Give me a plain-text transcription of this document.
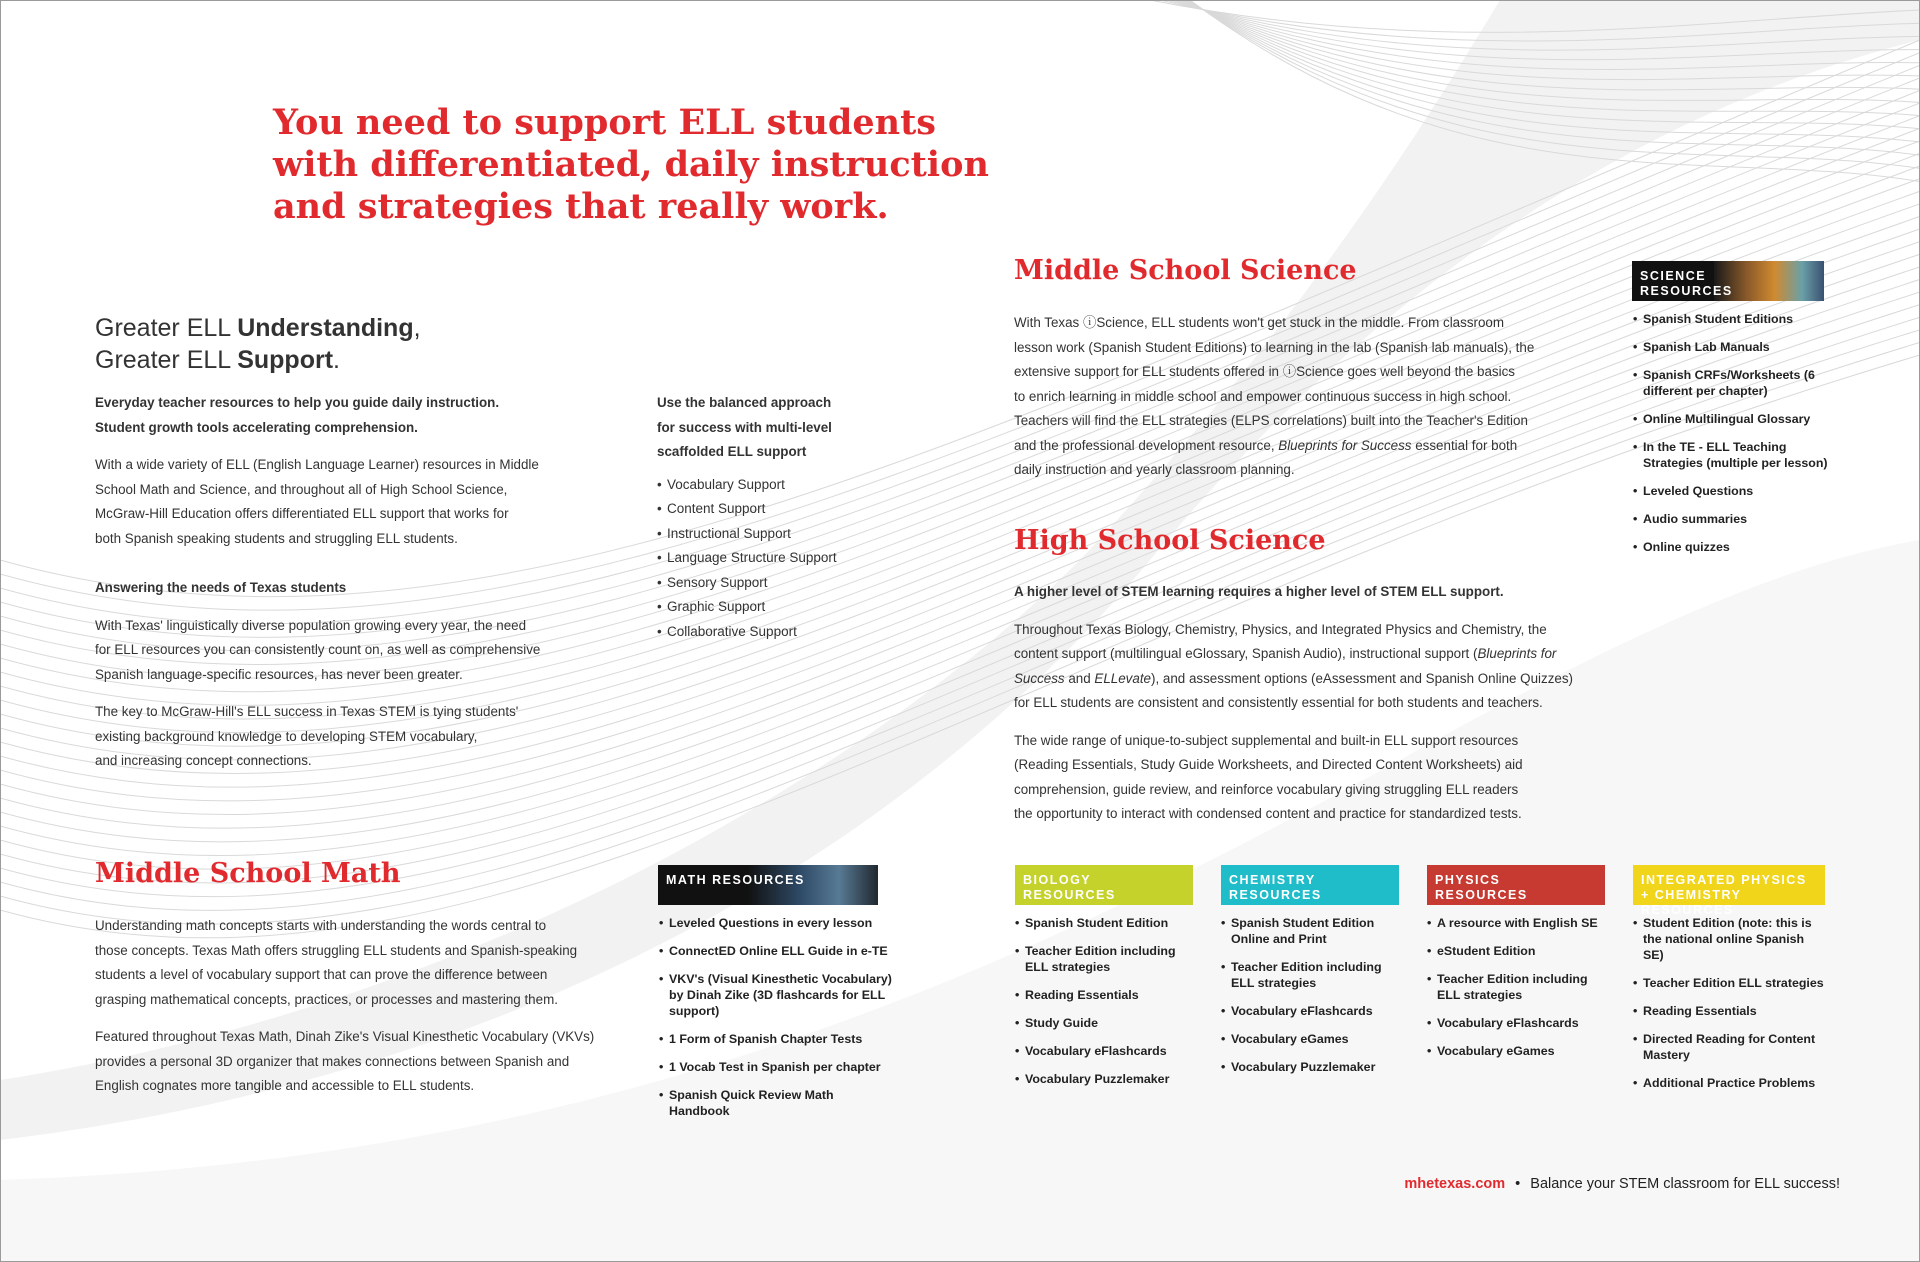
You need to support ELL students
with differentiated, daily instruction
and strategies that really work.
Greater ELL Understanding,
Greater ELL Support.

Everyday teacher resources to help you guide daily instruction.

Student growth tools accelerating comprehension.

With a wide variety of ELL (English Language Learner) resources in Middle

School Math and Science, and throughout all of High School Science,

McGraw-Hill Education offers differentiated ELL support that works for

both Spanish speaking students and struggling ELL students.

Answering the needs of Texas students

With Texas' linguistically diverse population growing every year, the need

for ELL resources you can consistently count on, as well as comprehensive

Spanish language-specific resources, has never been greater.

The key to McGraw-Hill's ELL success in Texas STEM is tying students'

existing background knowledge to developing STEM vocabulary,

and increasing concept connections.

Use the balanced approach

for success with multi-level

scaffolded ELL support

• Vocabulary Support
• Content Support
• Instructional Support
• Language Structure Support
• Sensory Support
• Graphic Support
• Collaborative Support
Middle School Math

Understanding math concepts starts with understanding the words central to

those concepts. Texas Math offers struggling ELL students and Spanish-speaking

students a level of vocabulary support that can prove the difference between

grasping mathematical concepts, practices, or processes and mastering them.

Featured throughout Texas Math, Dinah Zike's Visual Kinesthetic Vocabulary (VKVs)

provides a personal 3D organizer that makes connections between Spanish and

English cognates more tangible and accessible to ELL students.

MATH RESOURCES
• Leveled Questions in every lesson
• ConnectED Online ELL Guide in e-TE
• VKV's (Visual Kinesthetic Vocabulary) by Dinah Zike (3D flashcards for ELL support)
• 1 Form of Spanish Chapter Tests
• 1 Vocab Test in Spanish per chapter
• Spanish Quick Review Math Handbook
Middle School Science

With Texas ⓘScience, ELL students won't get stuck in the middle. From classroom

lesson work (Spanish Student Editions) to learning in the lab (Spanish lab manuals), the

extensive support for ELL students offered in ⓘScience goes well beyond the basics

to enrich learning in middle school and empower continuous success in high school.

Teachers will find the ELL strategies (ELPS correlations) built into the Teacher's Edition

and the professional development resource, Blueprints for Success essential for both

daily instruction and yearly classroom planning.

SCIENCE
RESOURCES
• Spanish Student Editions
• Spanish Lab Manuals
• Spanish CRFs/Worksheets (6 different per chapter)
• Online Multilingual Glossary
• In the TE - ELL Teaching Strategies (multiple per lesson)
• Leveled Questions
• Audio summaries
• Online quizzes
High School Science

A higher level of STEM learning requires a higher level of STEM ELL support.

Throughout Texas Biology, Chemistry, Physics, and Integrated Physics and Chemistry, the

content support (multilingual eGlossary, Spanish Audio), instructional support (Blueprints for

Success and ELLevate), and assessment options (eAssessment and Spanish Online Quizzes)

for ELL students are consistent and consistently essential for both students and teachers.

The wide range of unique-to-subject supplemental and built-in ELL support resources

(Reading Essentials, Study Guide Worksheets, and Directed Content Worksheets) aid

comprehension, guide review, and reinforce vocabulary giving struggling ELL readers

the opportunity to interact with condensed content and practice for standardized tests.

BIOLOGY RESOURCES
• Spanish Student Edition
• Teacher Edition including ELL strategies
• Reading Essentials
• Study Guide
• Vocabulary eFlashcards
• Vocabulary Puzzlemaker
CHEMISTRY
RESOURCES
• Spanish Student Edition Online and Print
• Teacher Edition including ELL strategies
• Vocabulary eFlashcards
• Vocabulary eGames
• Vocabulary Puzzlemaker
PHYSICS
RESOURCES
• A resource with English SE
• eStudent Edition
• Teacher Edition including ELL strategies
• Vocabulary eFlashcards
• Vocabulary eGames
INTEGRATED PHYSICS
+ CHEMISTRY RESOURCES
• Student Edition (note: this is the national online Spanish SE)
• Teacher Edition ELL strategies
• Reading Essentials
• Directed Reading for Content Mastery
• Additional Practice Problems
mhetexas.com • Balance your STEM classroom for ELL success!
